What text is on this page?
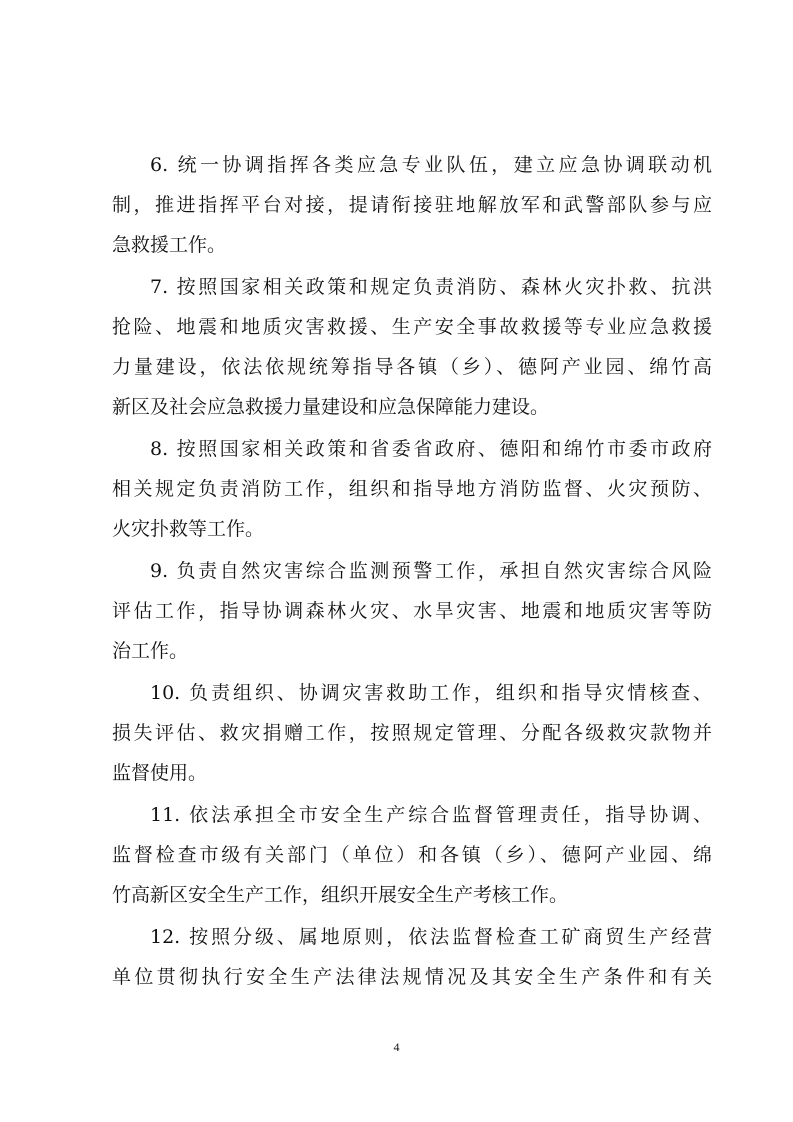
6. 统一协调指挥各类应急专业队伍，建立应急协调联动机

制，推进指挥平台对接，提请衔接驻地解放军和武警部队参与应

急救援工作。

7. 按照国家相关政策和规定负责消防、森林火灾扑救、抗洪

抢险、地震和地质灾害救援、生产安全事故救援等专业应急救援

力量建设，依法依规统筹指导各镇（乡）、德阿产业园、绵竹高

新区及社会应急救援力量建设和应急保障能力建设。

8. 按照国家相关政策和省委省政府、德阳和绵竹市委市政府

相关规定负责消防工作，组织和指导地方消防监督、火灾预防、

火灾扑救等工作。

9. 负责自然灾害综合监测预警工作，承担自然灾害综合风险

评估工作，指导协调森林火灾、水旱灾害、地震和地质灾害等防

治工作。

10. 负责组织、协调灾害救助工作，组织和指导灾情核查、

损失评估、救灾捐赠工作，按照规定管理、分配各级救灾款物并

监督使用。

11. 依法承担全市安全生产综合监督管理责任，指导协调、

监督检查市级有关部门（单位）和各镇（乡）、德阿产业园、绵

竹高新区安全生产工作，组织开展安全生产考核工作。

12. 按照分级、属地原则，依法监督检查工矿商贸生产经营

单位贯彻执行安全生产法律法规情况及其安全生产条件和有关

4
